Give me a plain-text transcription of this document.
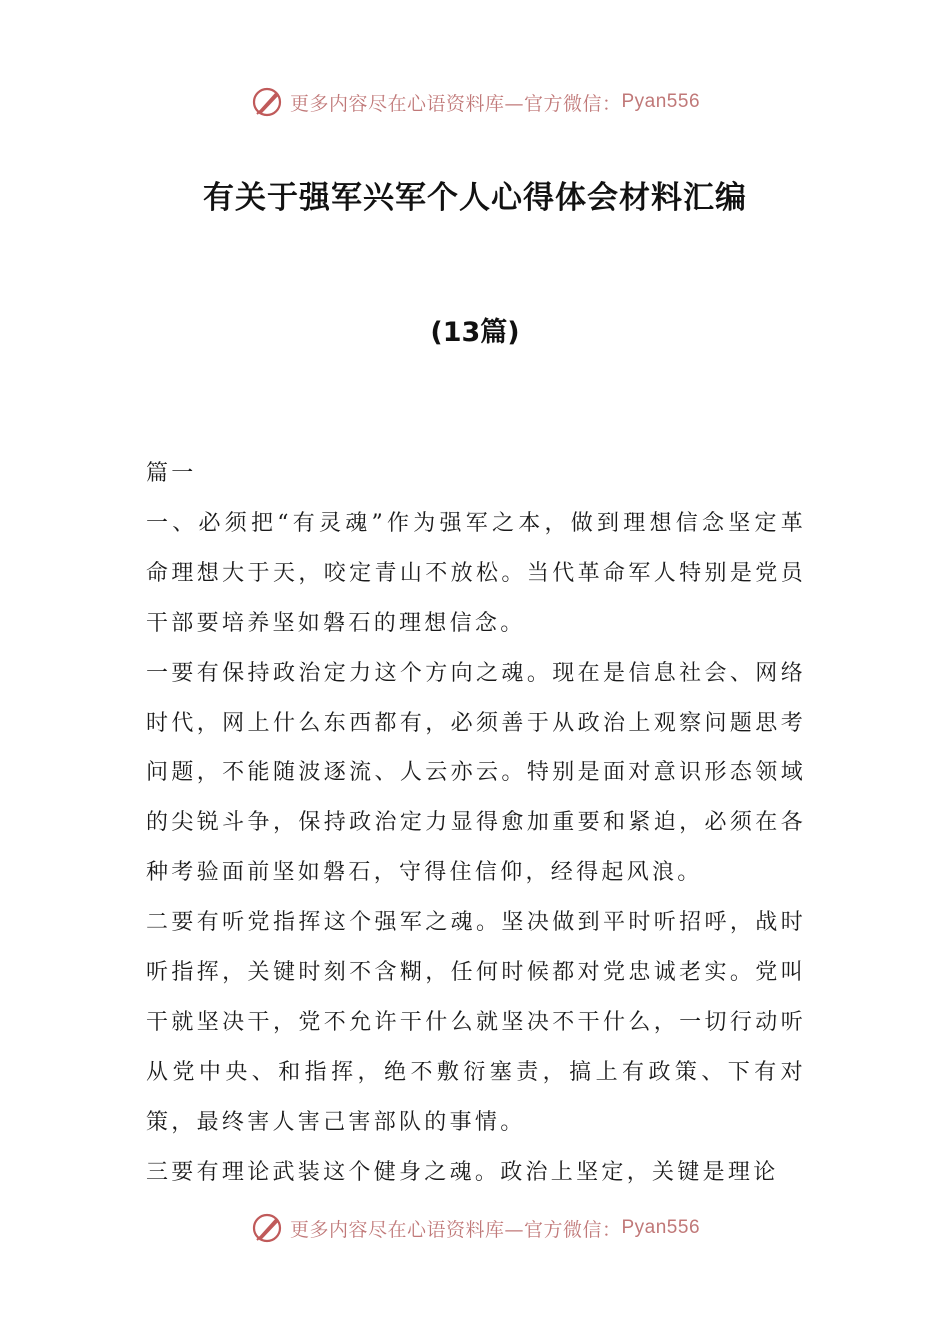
更多内容尽在心语资料库—官方微信： Pyan556
有关于强军兴军个人心得体会材料汇编
(13篇)

篇一

一、必须把“有灵魂”作为强军之本，做到理想信念坚定革命理想大于天，咬定青山不放松。当代革命军人特别是党员干部要培养坚如磐石的理想信念。

一要有保持政治定力这个方向之魂。现在是信息社会、网络时代，网上什么东西都有，必须善于从政治上观察问题思考问题，不能随波逐流、人云亦云。特别是面对意识形态领域的尖锐斗争，保持政治定力显得愈加重要和紧迫，必须在各种考验面前坚如磐石，守得住信仰，经得起风浪。

二要有听党指挥这个强军之魂。坚决做到平时听招呼，战时听指挥，关键时刻不含糊，任何时候都对党忠诚老实。党叫干就坚决干，党不允许干什么就坚决不干什么，一切行动听从党中央、和指挥，绝不敷衍塞责，搞上有政策、下有对策，最终害人害己害部队的事情。

三要有理论武装这个健身之魂。政治上坚定，关键是理论

更多内容尽在心语资料库—官方微信： Pyan556
